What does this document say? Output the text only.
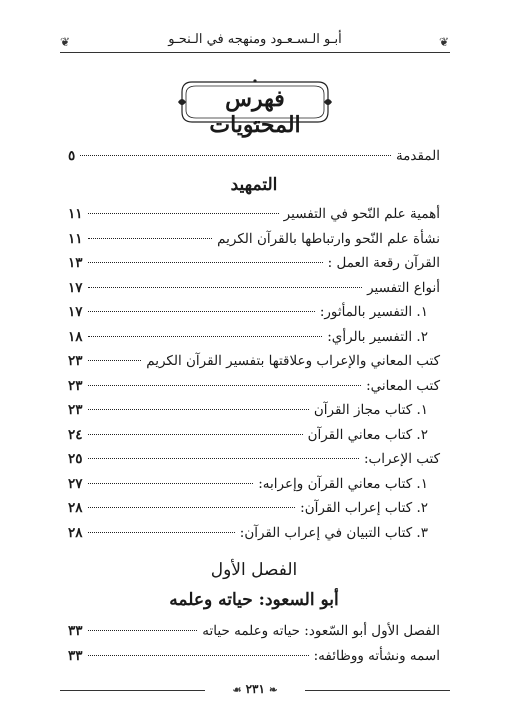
❦	أبـو الـسـعـود ومنهجه في الـنحـو	❦
فهرس المحتويات
المقدمة
٥
التمهيد
أهمية علم النّحو في التفسير
١١
نشأة علم النّحو وارتباطها بالقرآن الكريم
١١
القرآن رقعة العمل :
١٣
أنواع التفسير
١٧
١. التفسير بالمأثور:
١٧
٢. التفسير بالرأي:
١٨
كتب المعاني والإعراب وعلاقتها بتفسير القرآن الكريم
٢٣
كتب المعاني:
٢٣
١. كتاب مجاز القرآن
٢٣
٢. كتاب معاني القرآن
٢٤
كتب الإعراب:
٢٥
١. كتاب معاني القرآن وإعرابه:
٢٧
٢. كتاب إعراب القرآن:
٢٨
٣. كتاب التبيان في إعراب القرآن:
٢٨
الفصل الأول
أبو السعود: حياته وعلمه
الفصل الأول أبو السّعود: حياته وعلمه حياته
٣٣
اسمه ونشأته ووظائفه:
٣٣
❧ ٢٣١ ☙
